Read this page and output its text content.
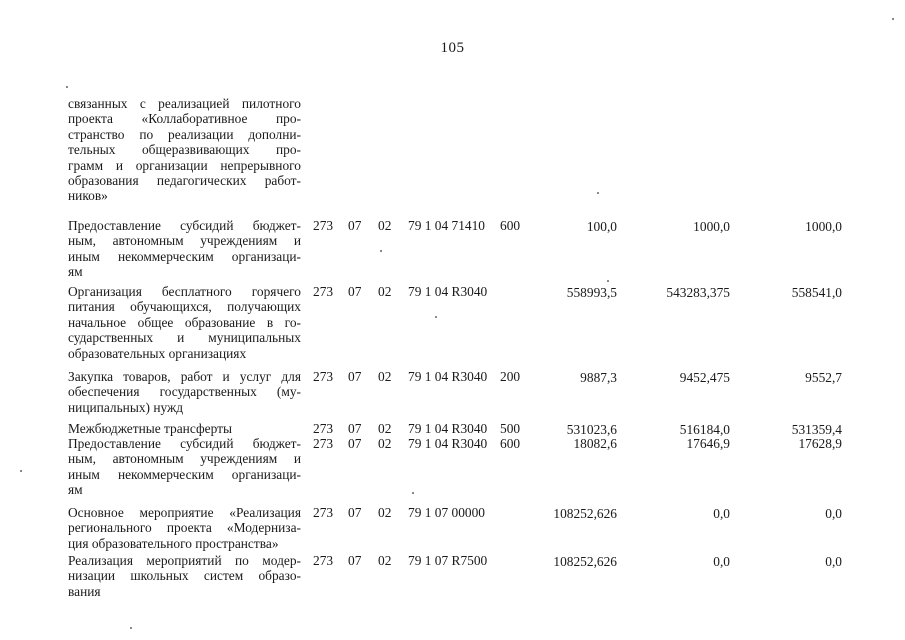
105
связанных с реализацией пилотного
проекта «Коллаборативное про-
странство по реализации дополни-
тельных общеразвивающих про-
грамм и организации непрерывного
образования педагогических работ-
ников»
Предоставление субсидий бюджет-
ным, автономным учреждениям и
иным некоммерческим организаци-
ям
273 07 02 79 1 04 71410 600	100,0	1000,0	1000,0
Организация бесплатного горячего
питания обучающихся, получающих
начальное общее образование в го-
сударственных и муниципальных
образовательных организациях
273 07 02 79 1 04 R3040	558993,5	543283,375	558541,0
Закупка товаров, работ и услуг для
обеспечения государственных (му-
ниципальных) нужд
273 07 02 79 1 04 R3040 200	9887,3	9452,475	9552,7
Межбюджетные трансферты	273 07 02 79 1 04 R3040 500	531023,6	516184,0	531359,4
Предоставление субсидий бюджет-
ным, автономным учреждениям и
иным некоммерческим организаци-
ям
273 07 02 79 1 04 R3040 600	18082,6	17646,9	17628,9
Основное мероприятие «Реализация
регионального проекта «Модерниза-
ция образовательного пространства»
273 07 02 79 1 07 00000	108252,626	0,0	0,0
Реализация мероприятий по модер-
низации школьных систем образо-
вания
273 07 02 79 1 07 R7500	108252,626	0,0	0,0
